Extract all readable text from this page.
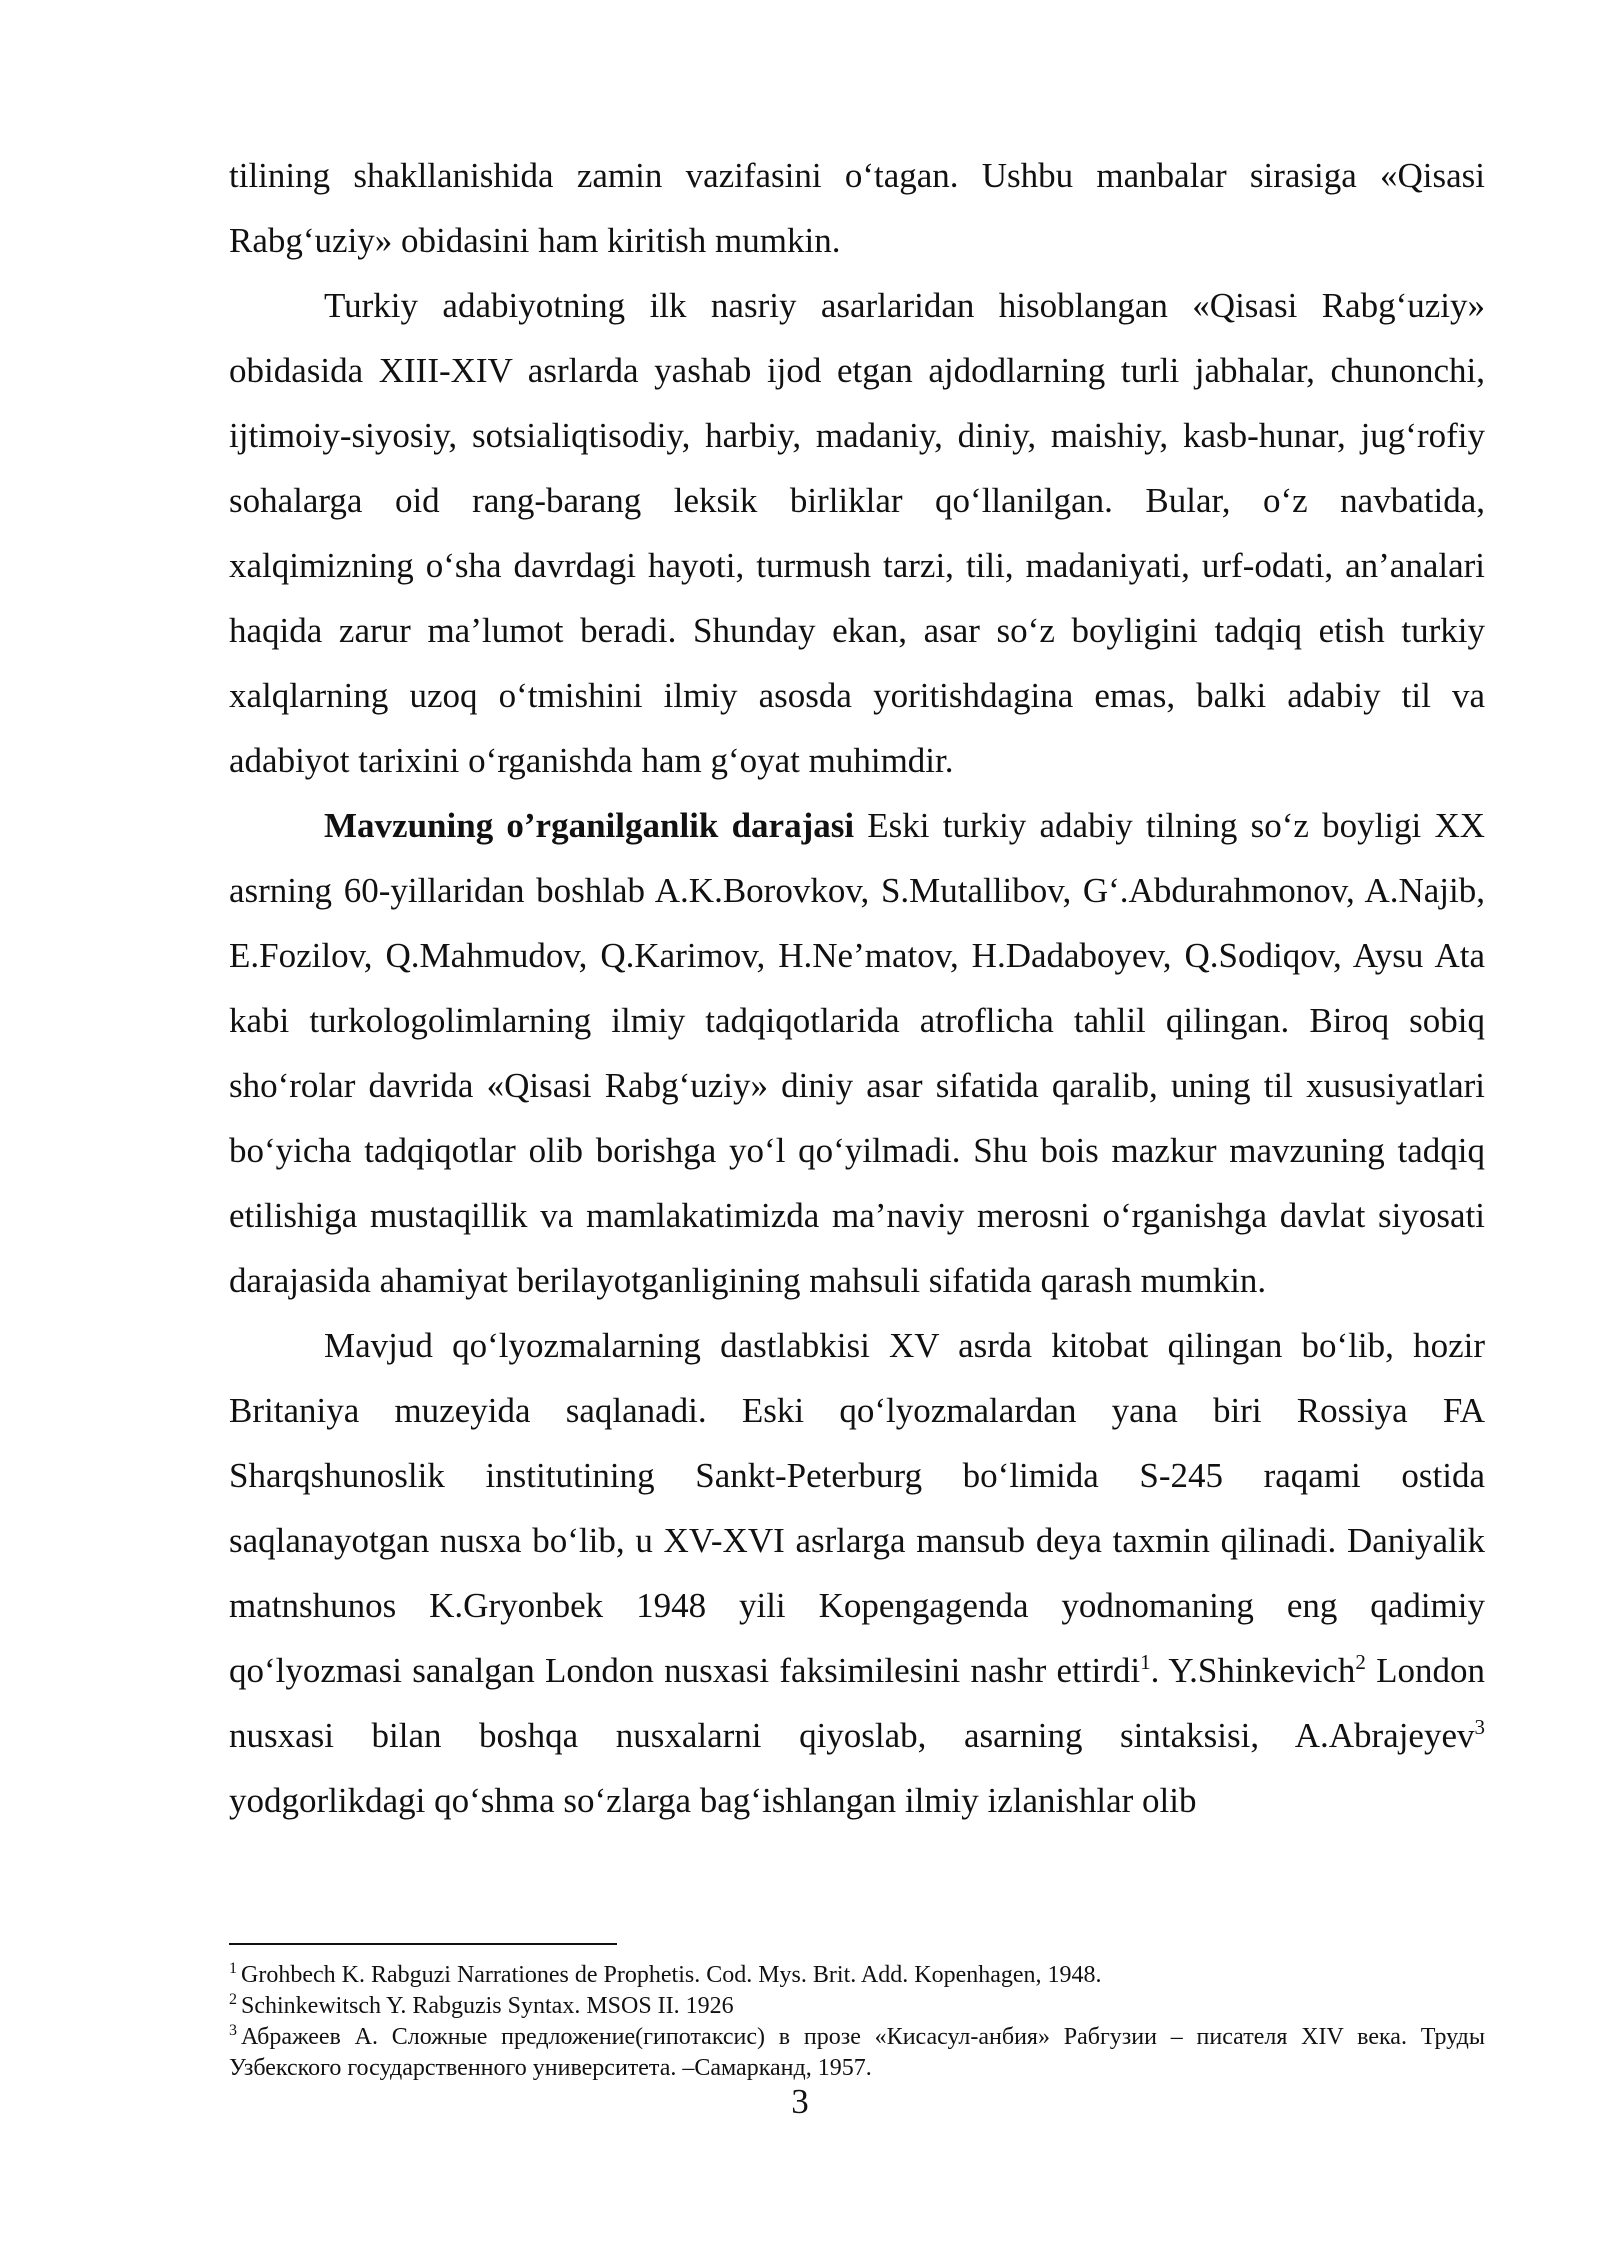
tilining shakllanishida zamin vazifasini oʻtagan. Ushbu manbalar sirasiga «Qisasi Rabgʻuziy» obidasini ham kiritish mumkin.

Turkiy adabiyotning ilk nasriy asarlaridan hisoblangan «Qisasi Rabgʻuziy» obidasida XIII-XIV asrlarda yashab ijod etgan ajdodlarning turli jabhalar, chunonchi, ijtimoiy-siyosiy, sotsialiqtisodiy, harbiy, madaniy, diniy, maishiy, kasb-hunar, jugʻrofiy sohalarga oid rang-barang leksik birliklar qoʻllanilgan. Bular, oʻz navbatida, xalqimizning oʻsha davrdagi hayoti, turmush tarzi, tili, madaniyati, urf-odati, an’analari haqida zarur ma’lumot beradi. Shunday ekan, asar soʻz boyligini tadqiq etish turkiy xalqlarning uzoq oʻtmishini ilmiy asosda yoritishdagina emas, balki adabiy til va adabiyot tarixini oʻrganishda ham gʻoyat muhimdir.

Mavzuning o’rganilganlik darajasi Eski turkiy adabiy tilning soʻz boyligi XX asrning 60-yillaridan boshlab A.K.Borovkov, S.Mutallibov, Gʻ.Abdurahmonov, A.Najib, E.Fozilov, Q.Mahmudov, Q.Karimov, H.Ne’matov, H.Dadaboyev, Q.Sodiqov, Aysu Ata kabi turkologolimlarning ilmiy tadqiqotlarida atroflicha tahlil qilingan. Biroq sobiq shoʻrolar davrida «Qisasi Rabgʻuziy» diniy asar sifatida qaralib, uning til xususiyatlari boʻyicha tadqiqotlar olib borishga yoʻl qoʻyilmadi. Shu bois mazkur mavzuning tadqiq etilishiga mustaqillik va mamlakatimizda ma’naviy merosni oʻrganishga davlat siyosati darajasida ahamiyat berilayotganligining mahsuli sifatida qarash mumkin.

Mavjud qoʻlyozmalarning dastlabkisi XV asrda kitobat qilingan boʻlib, hozir Britaniya muzeyida saqlanadi. Eski qoʻlyozmalardan yana biri Rossiya FA Sharqshunoslik institutining Sankt-Peterburg boʻlimida S-245 raqami ostida saqlanayotgan nusxa boʻlib, u XV-XVI asrlarga mansub deya taxmin qilinadi. Daniyalik matnshunos K.Gryonbek 1948 yili Kopengagenda yodnomaning eng qadimiy qoʻlyozmasi sanalgan London nusxasi faksimilesini nashr ettirdi$^1$. Y.Shinkevich$^2$ London nusxasi bilan boshqa nusxalarni qiyoslab, asarning sintaksisi, A.Abrajeyev$^3$ yodgorlikdagi qoʻshma soʻzlarga bagʻishlangan ilmiy izlanishlar olib

$^1$ Grohbech K. Rabguzi Narrationes de Prophetis. Cod. Mys. Brit. Add. Kopenhagen, 1948.

$^2$ Schinkewitsch Y. Rabguzis Syntax. MSOS II. 1926

$^3$ Абражеев А. Сложные предложение(гипотаксис) в прозе «Кисасул-анбия» Рабгузии – писателя XIV века. Труды Узбекского государственного университета. –Самарканд, 1957.

3
